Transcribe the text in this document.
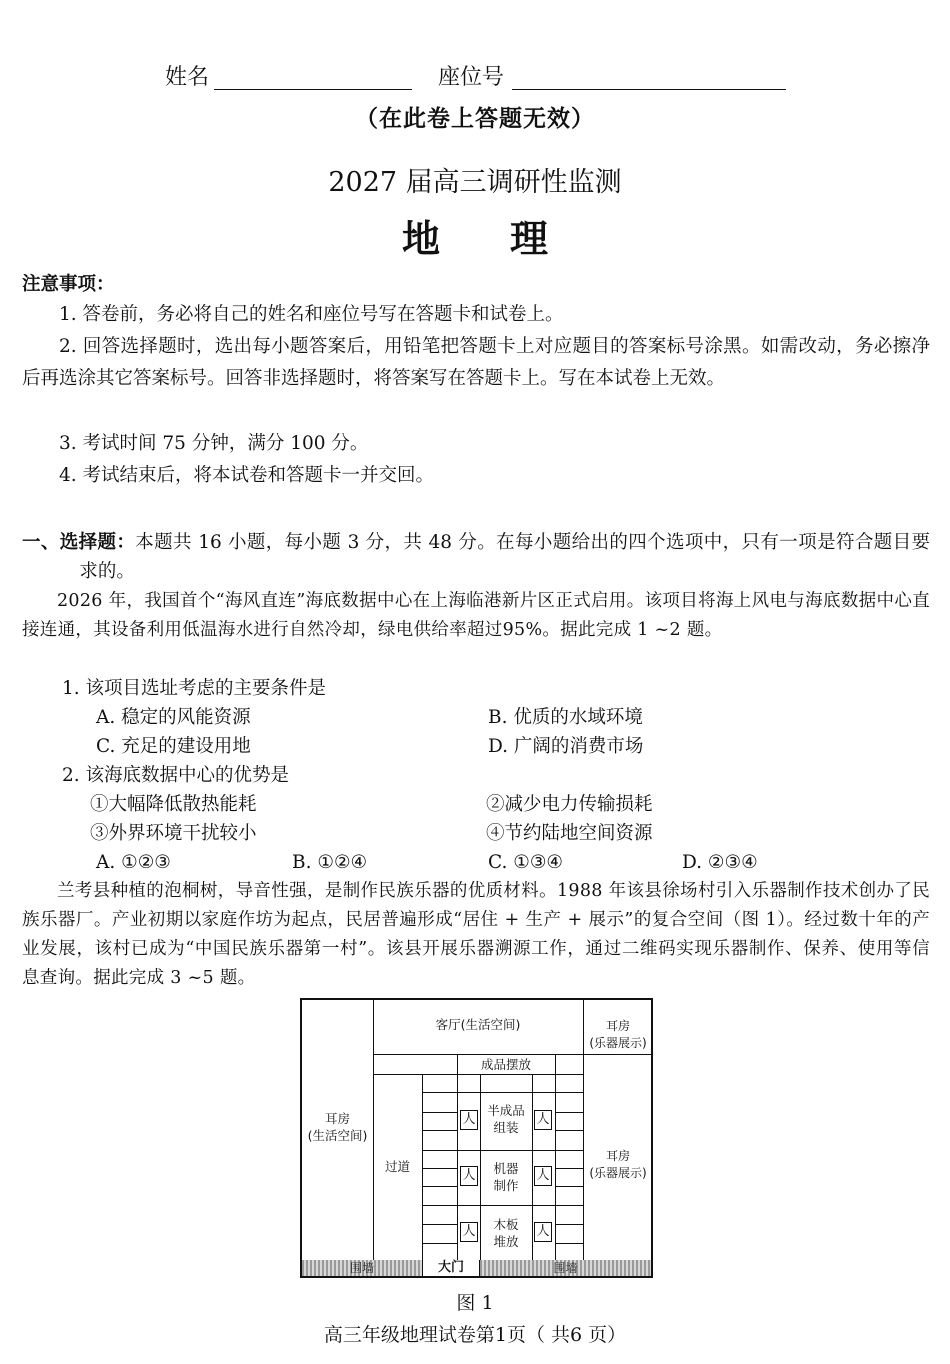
姓名	座位号
（在此卷上答题无效）
2027 届高三调研性监测
地理
注意事项：
1. 答卷前，务必将自己的姓名和座位号写在答题卡和试卷上。
2. 回答选择题时，选出每小题答案后，用铅笔把答题卡上对应题目的答案标号涂黑。如需改动，务必擦净后再选涂其它答案标号。回答非选择题时，将答案写在答题卡上。写在本试卷上无效。
3. 考试时间 75 分钟，满分 100 分。
4. 考试结束后，将本试卷和答题卡一并交回。
一、选择题：本题共 16 小题，每小题 3 分，共 48 分。在每小题给出的四个选项中，只有一项是符合题目要求的。
2026 年，我国首个“海风直连”海底数据中心在上海临港新片区正式启用。该项目将海上风电与海底数据中心直接连通，其设备利用低温海水进行自然冷却，绿电供给率超过95%。据此完成 1 ~2 题。
1. 该项目选址考虑的主要条件是
A. 稳定的风能资源	B. 优质的水域环境
C. 充足的建设用地	D. 广阔的消费市场
2. 该海底数据中心的优势是
①大幅降低散热能耗	②减少电力传输损耗
③外界环境干扰较小	④节约陆地空间资源
A. ①②③	B. ①②④	C. ①③④	D. ②③④
兰考县种植的泡桐树，导音性强，是制作民族乐器的优质材料。1988 年该县徐场村引入乐器制作技术创办了民族乐器厂。产业初期以家庭作坊为起点，民居普遍形成“居住 + 生产 + 展示”的复合空间（图 1）。经过数十年的产业发展，该村已成为“中国民族乐器第一村”。该县开展乐器溯源工作，通过二维码实现乐器制作、保养、使用等信息查询。据此完成 3 ~5 题。
耳房
(生活空间)
客厅(生活空间)	耳房
(乐器展示)
耳房
(乐器展示)
成品摆放
过道
半成品
组装
机器
制作
木板
堆放
人	人
人	人
人	人
围墙	大门	围墙
图 1
高三年级地理试卷第1页（ 共6 页）
